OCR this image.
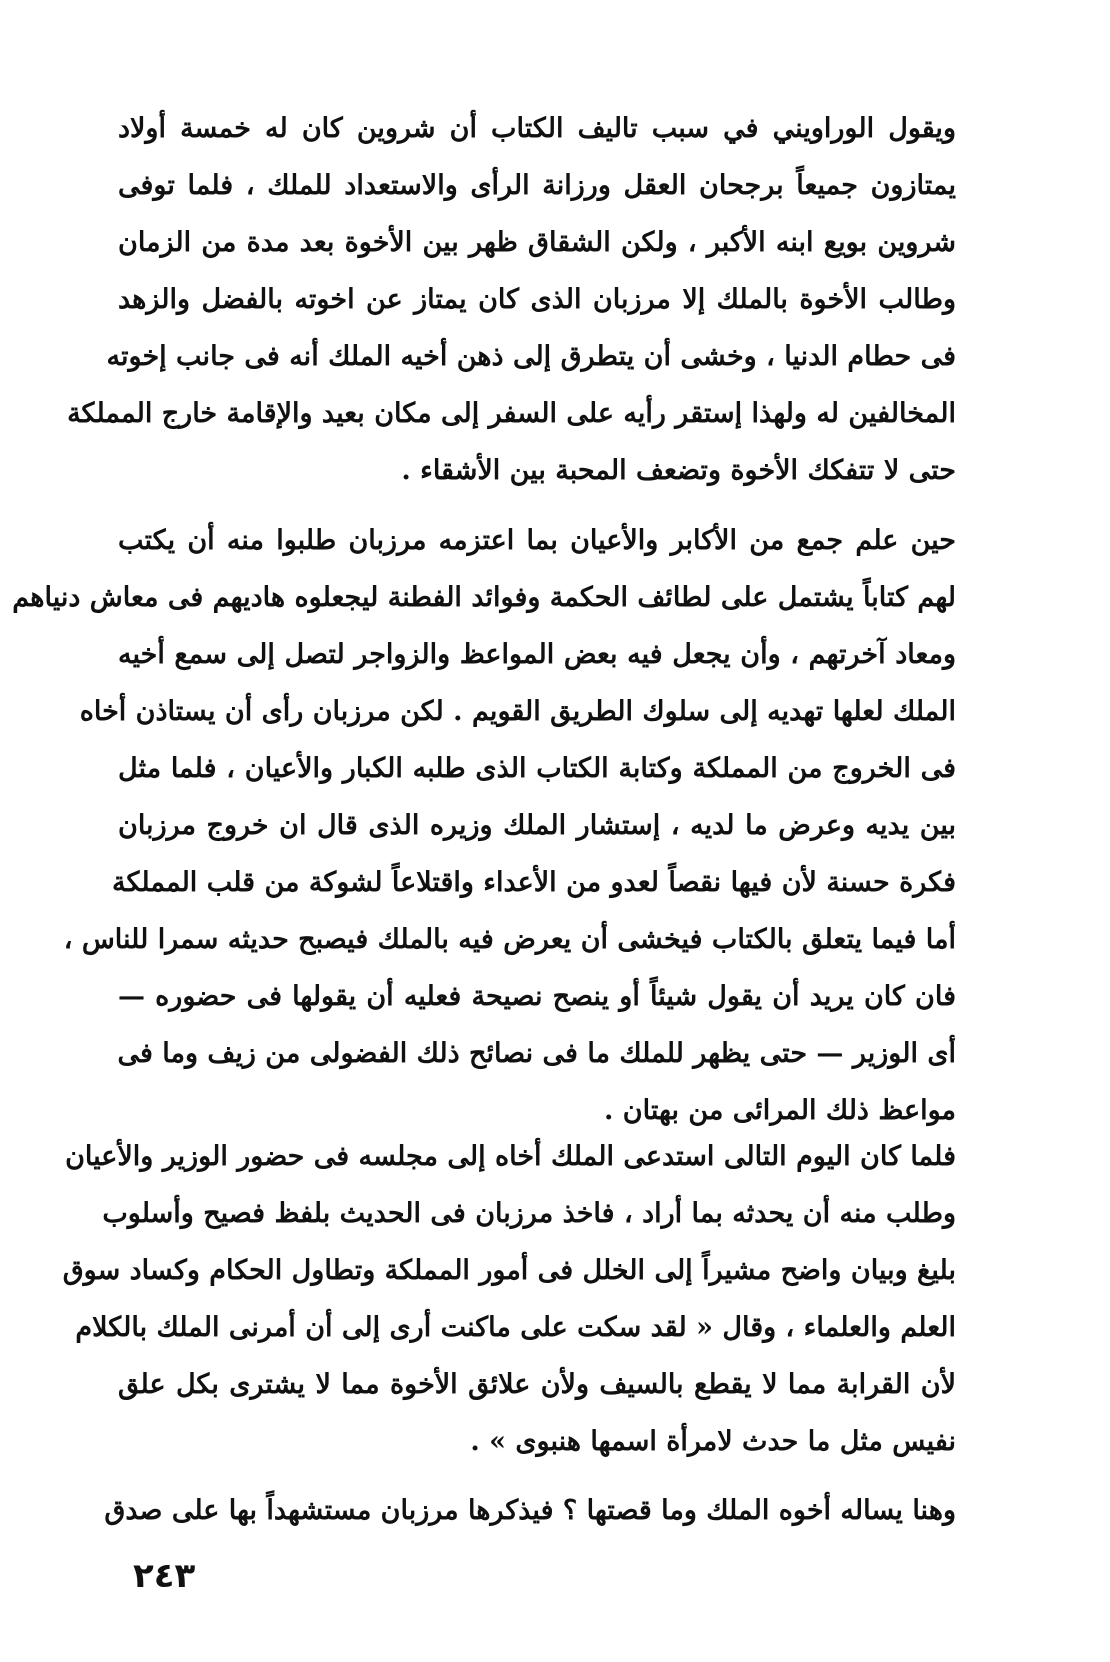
ويقول الوراويني في سبب تاليف الكتاب أن شروين كان له خمسة أولاد
يمتازون جميعاً برجحان العقل ورزانة الرأى والاستعداد للملك ، فلما توفى
شروين بويع ابنه الأكبر ، ولكن الشقاق ظهر بين الأخوة بعد مدة من الزمان
وطالب الأخوة بالملك إلا مرزبان الذى كان يمتاز عن اخوته بالفضل والزهد
فى حطام الدنيا ، وخشى أن يتطرق إلى ذهن أخيه الملك أنه فى جانب إخوته
المخالفين له ولهذا إستقر رأيه على السفر إلى مكان بعيد والإقامة خارج المملكة
حتى لا تتفكك الأخوة وتضعف المحبة بين الأشقاء .
حين علم جمع من الأكابر والأعيان بما اعتزمه مرزبان طلبوا منه أن يكتب
لهم كتاباً يشتمل على لطائف الحكمة وفوائد الفطنة ليجعلوه هاديهم فى معاش دنياهم
ومعاد آخرتهم ، وأن يجعل فيه بعض المواعظ والزواجر لتصل إلى سمع أخيه
الملك لعلها تهديه إلى سلوك الطريق القويم . لكن مرزبان رأى أن يستاذن أخاه
فى الخروج من المملكة وكتابة الكتاب الذى طلبه الكبار والأعيان ، فلما مثل
بين يديه وعرض ما لديه ، إستشار الملك وزيره الذى قال ان خروج مرزبان
فكرة حسنة لأن فيها نقصاً لعدو من الأعداء واقتلاعاً لشوكة من قلب المملكة
أما فيما يتعلق بالكتاب فيخشى أن يعرض فيه بالملك فيصبح حديثه سمرا للناس ،
فان كان يريد أن يقول شيئاً أو ينصح نصيحة فعليه أن يقولها فى حضوره —
أى الوزير — حتى يظهر للملك ما فى نصائح ذلك الفضولى من زيف وما فى
مواعظ ذلك المرائى من بهتان .
فلما كان اليوم التالى استدعى الملك أخاه إلى مجلسه فى حضور الوزير والأعيان
وطلب منه أن يحدثه بما أراد ، فاخذ مرزبان فى الحديث بلفظ فصيح وأسلوب
بليغ وبيان واضح مشيراً إلى الخلل فى أمور المملكة وتطاول الحكام وكساد سوق
العلم والعلماء ، وقال « لقد سكت على ماكنت أرى إلى أن أمرنى الملك بالكلام
لأن القرابة مما لا يقطع بالسيف ولأن علائق الأخوة مما لا يشترى بكل علق
نفيس مثل ما حدث لامرأة اسمها هنبوى » .
وهنا يساله أخوه الملك وما قصتها ؟ فيذكرها مرزبان مستشهداً بها على صدق
٢٤٣
